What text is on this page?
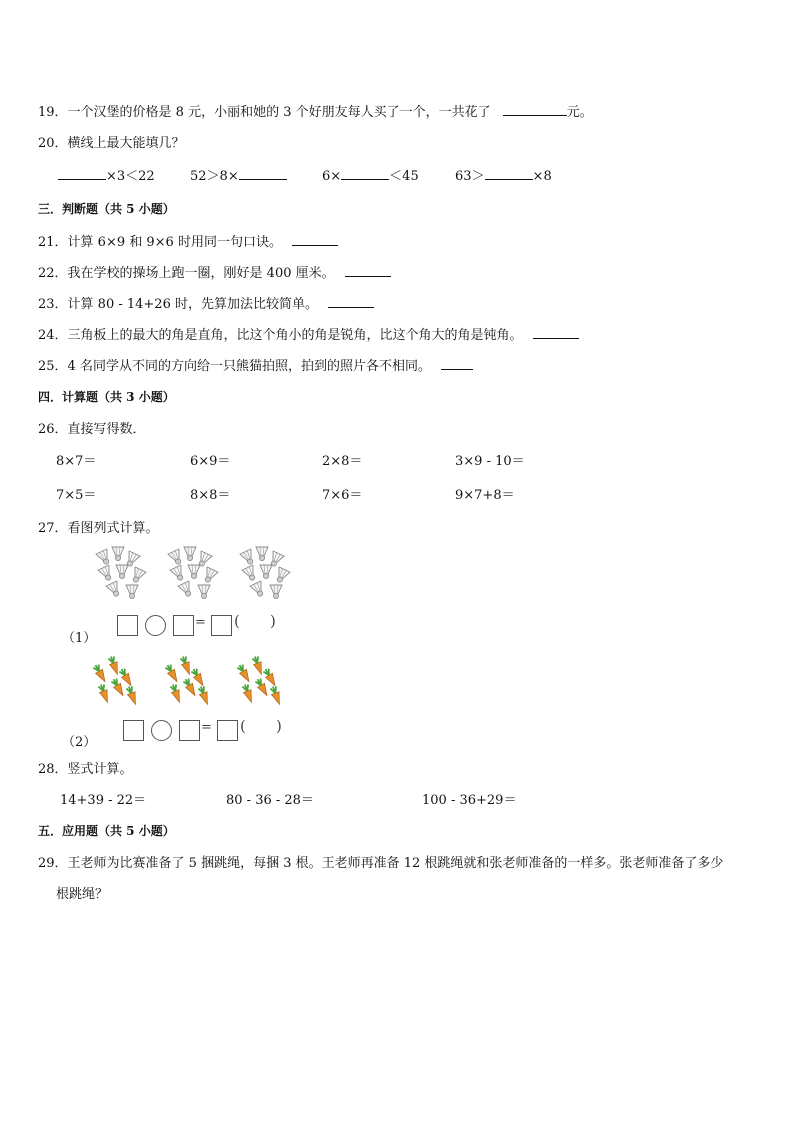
19．一个汉堡的价格是 8 元，小丽和她的 3 个好朋友每人买了一个，一共花了	元。
20．横线上最大能填几？
×3＜22	52＞8×	6×	＜45	63＞	×8
三．判断题（共 5 小题）
21．计算 6×9 和 9×6 时用同一句口诀。
22．我在学校的操场上跑一圈，刚好是 400 厘米。
23．计算 80 - 14+26 时，先算加法比较简单。
24．三角板上的最大的角是直角，比这个角小的角是锐角，比这个角大的角是钝角。
25．4 名同学从不同的方向给一只熊猫拍照，拍到的照片各不相同。
四．计算题（共 3 小题）
26．直接写得数．
8×7＝	6×9＝	2×8＝	3×9 - 10＝
7×5＝	8×8＝	7×6＝	9×7+8＝
27．看图列式计算。
（1）
= ( )
（2）
= ( )
28．竖式计算。
14+39 - 22＝	80 - 36 - 28＝	100 - 36+29＝
五．应用题（共 5 小题）
29．王老师为比赛准备了 5 捆跳绳，每捆 3 根。王老师再准备 12 根跳绳就和张老师准备的一样多。张老师准备了多少
根跳绳？
